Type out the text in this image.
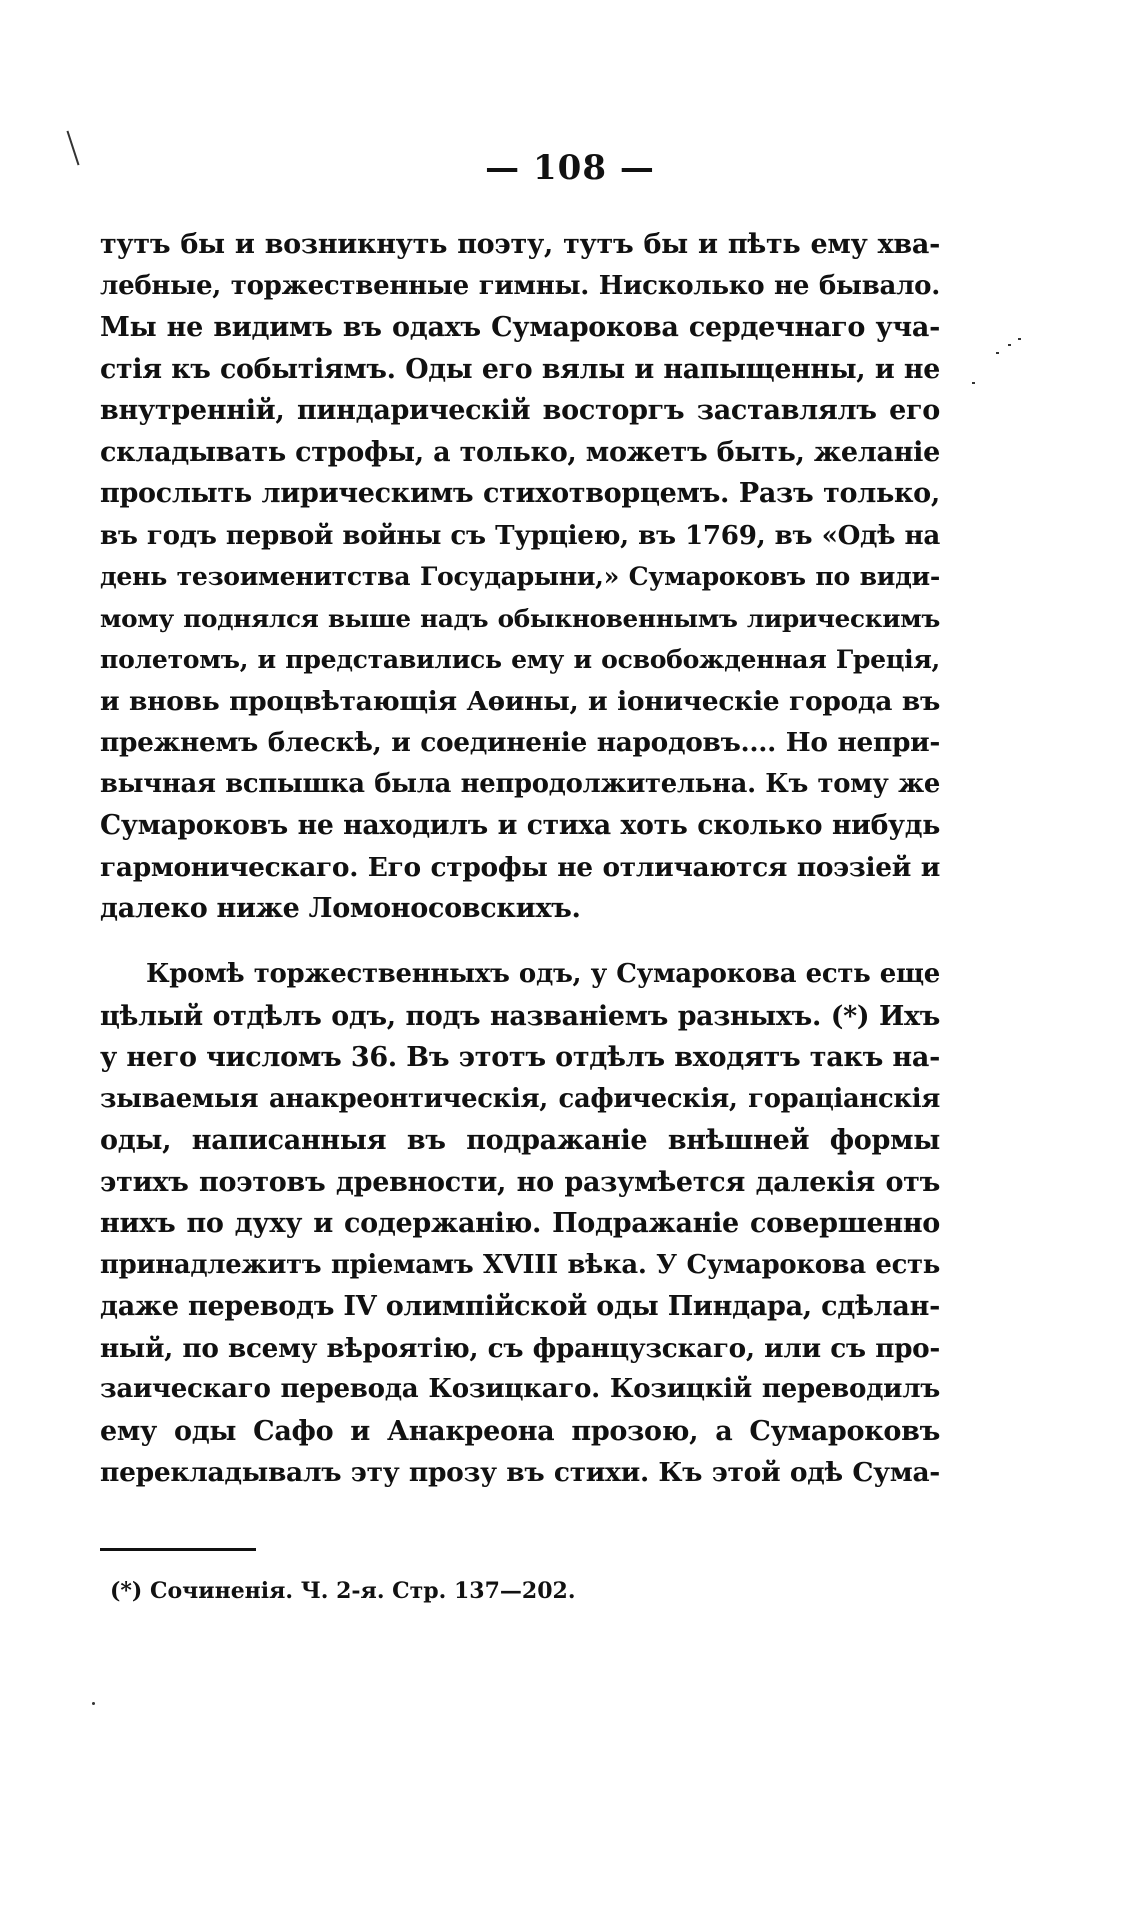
— 108 —
тутъ бы и возникнуть поэту, тутъ бы и пѣть ему хва-
лебные, торжественные гимны. Нисколько не бывало.
Мы не видимъ въ одахъ Сумарокова сердечнаго уча-
стія къ событіямъ. Оды его вялы и напыщенны, и не
внутренній, пиндарическій восторгъ заставлялъ его
складывать строфы, а только, можетъ быть, желаніе
прослыть лирическимъ стихотворцемъ. Разъ только,
въ годъ первой войны съ Турціею, въ 1769, въ «Одѣ на
день тезоименитства Государыни,» Сумароковъ по види-
мому поднялся выше надъ обыкновеннымъ лирическимъ
полетомъ, и представились ему и освобожденная Греція,
и вновь процвѣтающія Аѳины, и іоническіе города въ
прежнемъ блескѣ, и соединеніе народовъ.... Но непри-
вычная вспышка была непродолжительна. Къ тому же
Сумароковъ не находилъ и стиха хоть сколько нибудь
гармоническаго. Его строфы не отличаются поэзіей и
далеко ниже Ломоносовскихъ.
Кромѣ торжественныхъ одъ, у Сумарокова есть еще
цѣлый отдѣлъ одъ, подъ названіемъ разныхъ. (*) Ихъ
у него числомъ 36. Въ этотъ отдѣлъ входятъ такъ на-
зываемыя анакреонтическія, сафическія, гораціанскія
оды, написанныя въ подражаніе внѣшней формы
этихъ поэтовъ древности, но разумѣется далекія отъ
нихъ по духу и содержанію. Подражаніе совершенно
принадлежитъ пріемамъ XVIII вѣка. У Сумарокова есть
даже переводъ IV олимпійской оды Пиндара, сдѣлан-
ный, по всему вѣроятію, съ французскаго, или съ про-
заическаго перевода Козицкаго. Козицкій переводилъ
ему оды Сафо и Анакреона прозою, а Сумароковъ
перекладывалъ эту прозу въ стихи. Къ этой одѣ Сума-
(*) Сочиненія. Ч. 2-я. Стр. 137—202.
